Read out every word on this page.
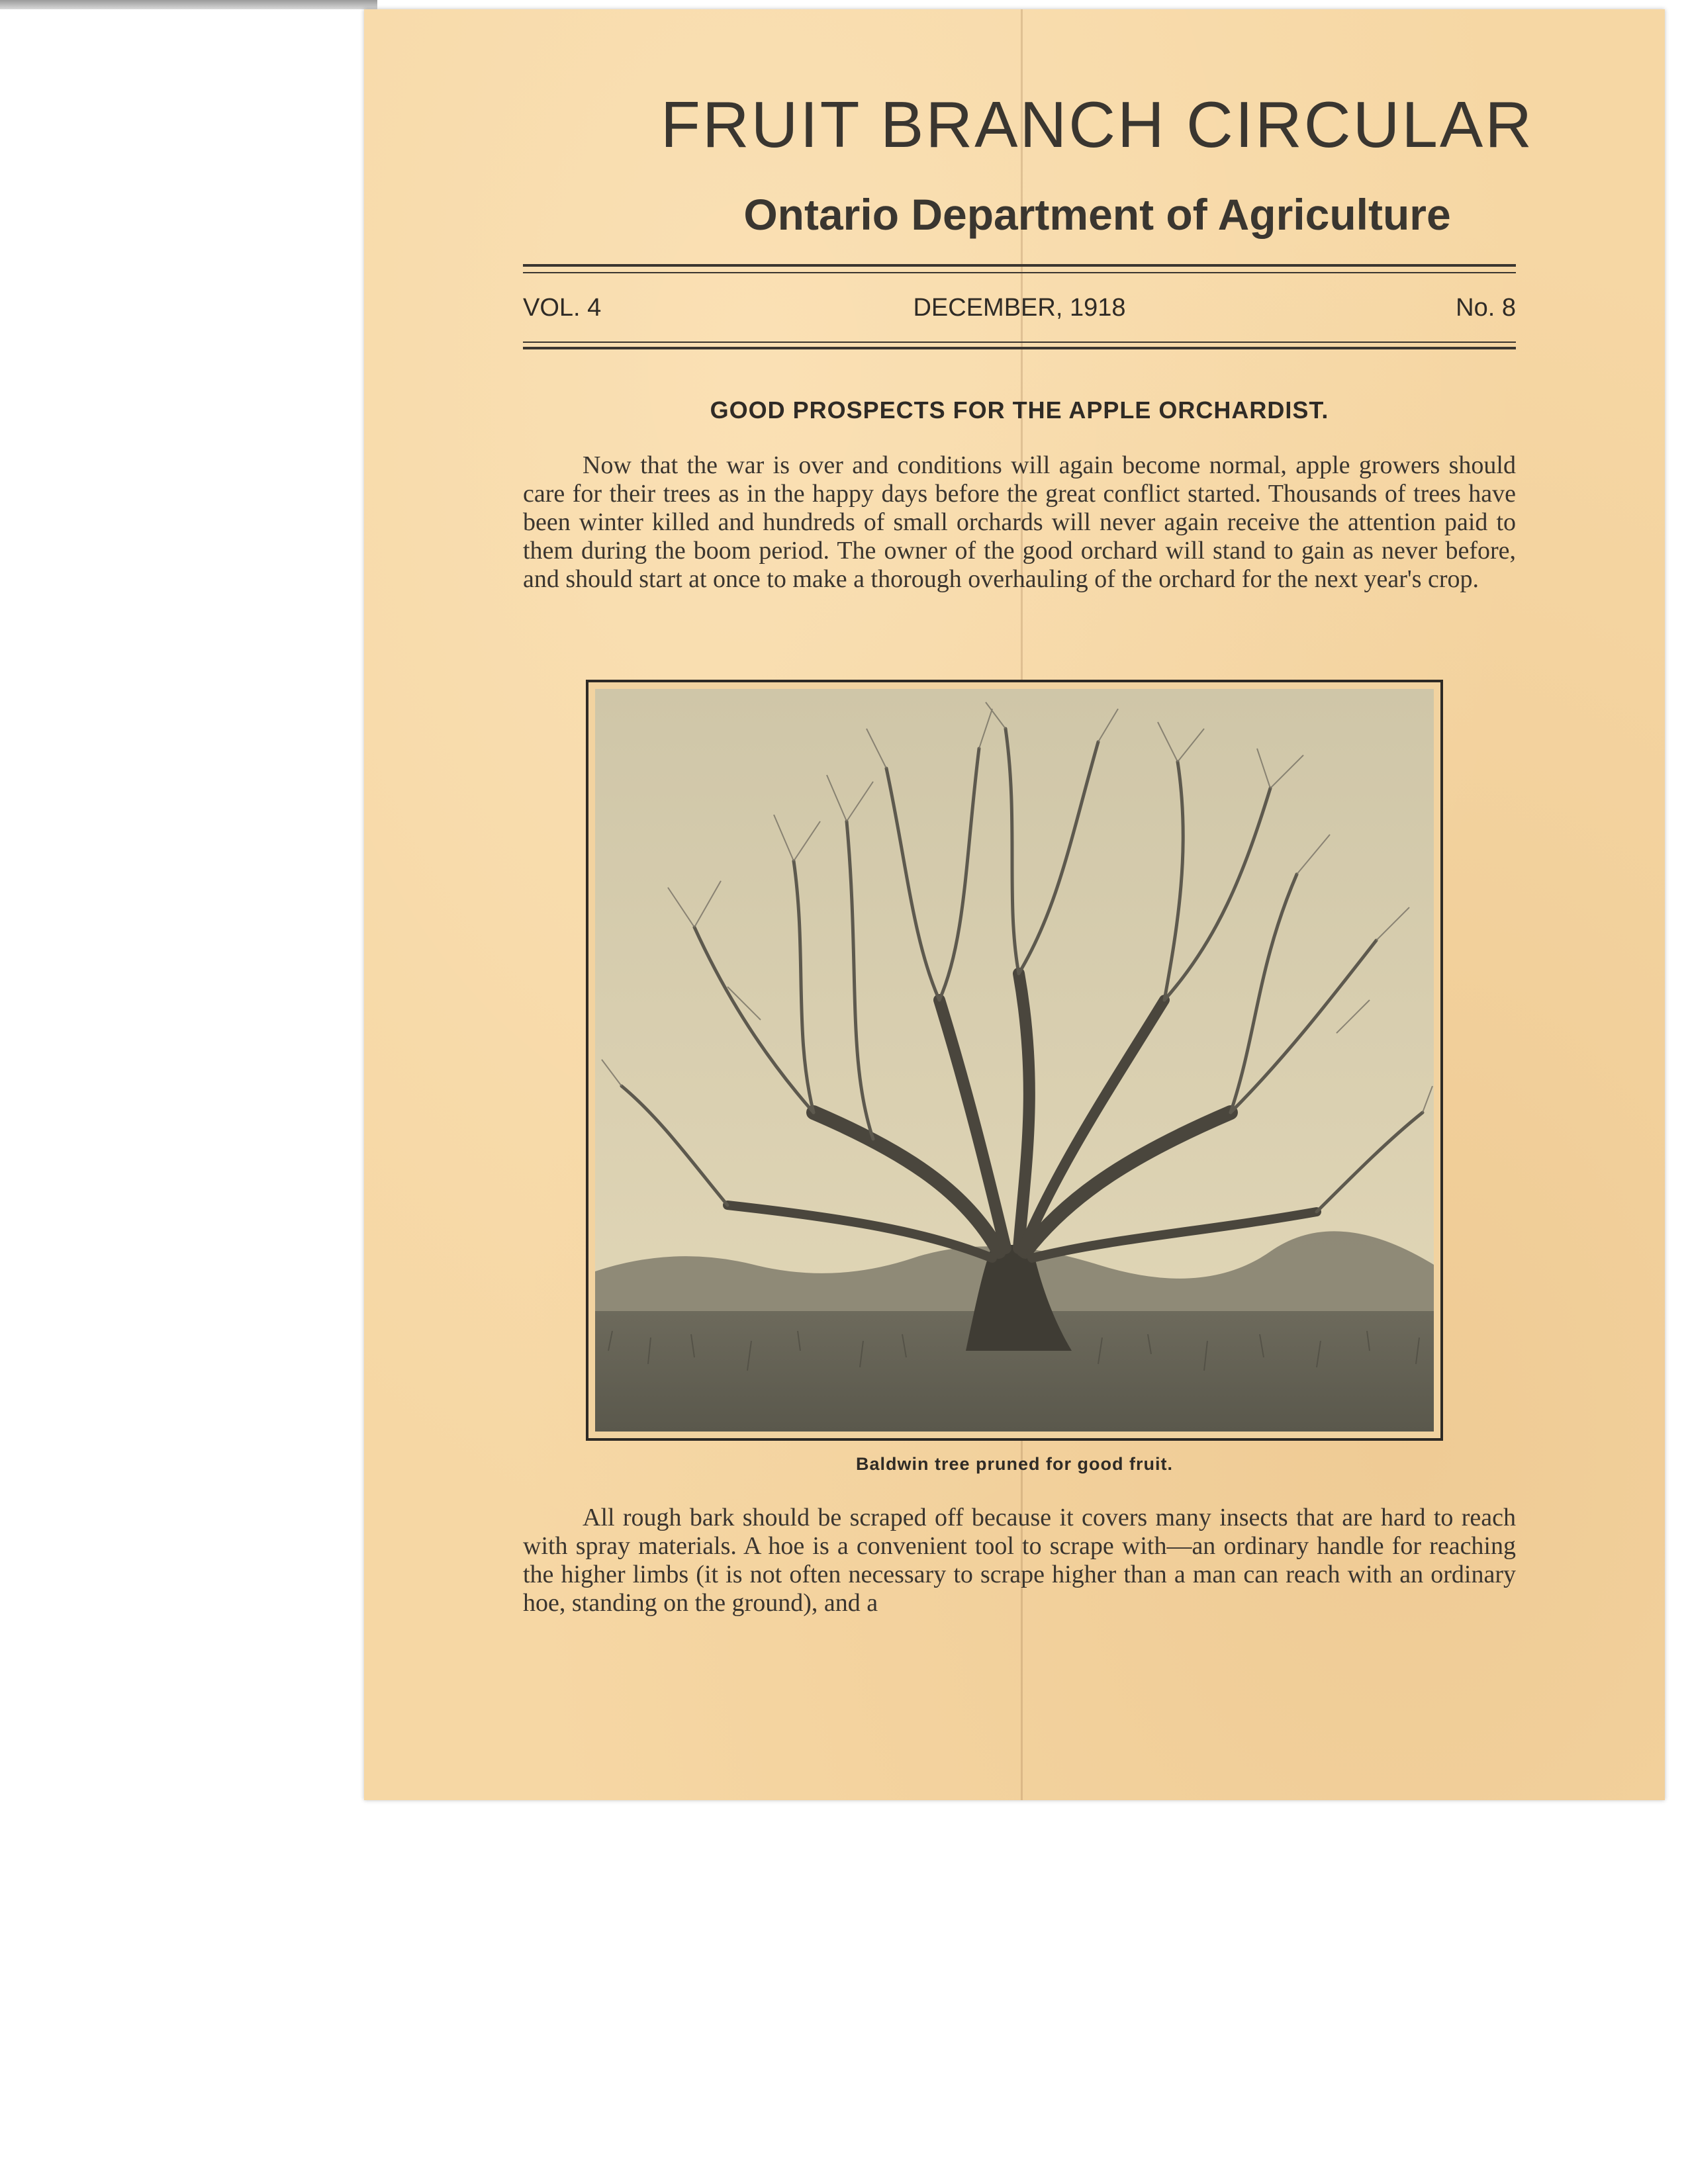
FRUIT BRANCH CIRCULAR
Ontario Department of Agriculture
VOL. 4	DECEMBER, 1918	No. 8
GOOD PROSPECTS FOR THE APPLE ORCHARDIST.

Now that the war is over and conditions will again become normal, apple growers should care for their trees as in the happy days before the great conflict started. Thousands of trees have been winter killed and hundreds of small orchards will never again receive the attention paid to them during the boom period. The owner of the good orchard will stand to gain as never before, and should start at once to make a thorough overhauling of the orchard for the next year's crop.

Baldwin tree pruned for good fruit.

All rough bark should be scraped off because it covers many insects that are hard to reach with spray materials. A hoe is a convenient tool to scrape with—an ordinary handle for reaching the higher limbs (it is not often necessary to scrape higher than a man can reach with an ordinary hoe, standing on the ground), and a
